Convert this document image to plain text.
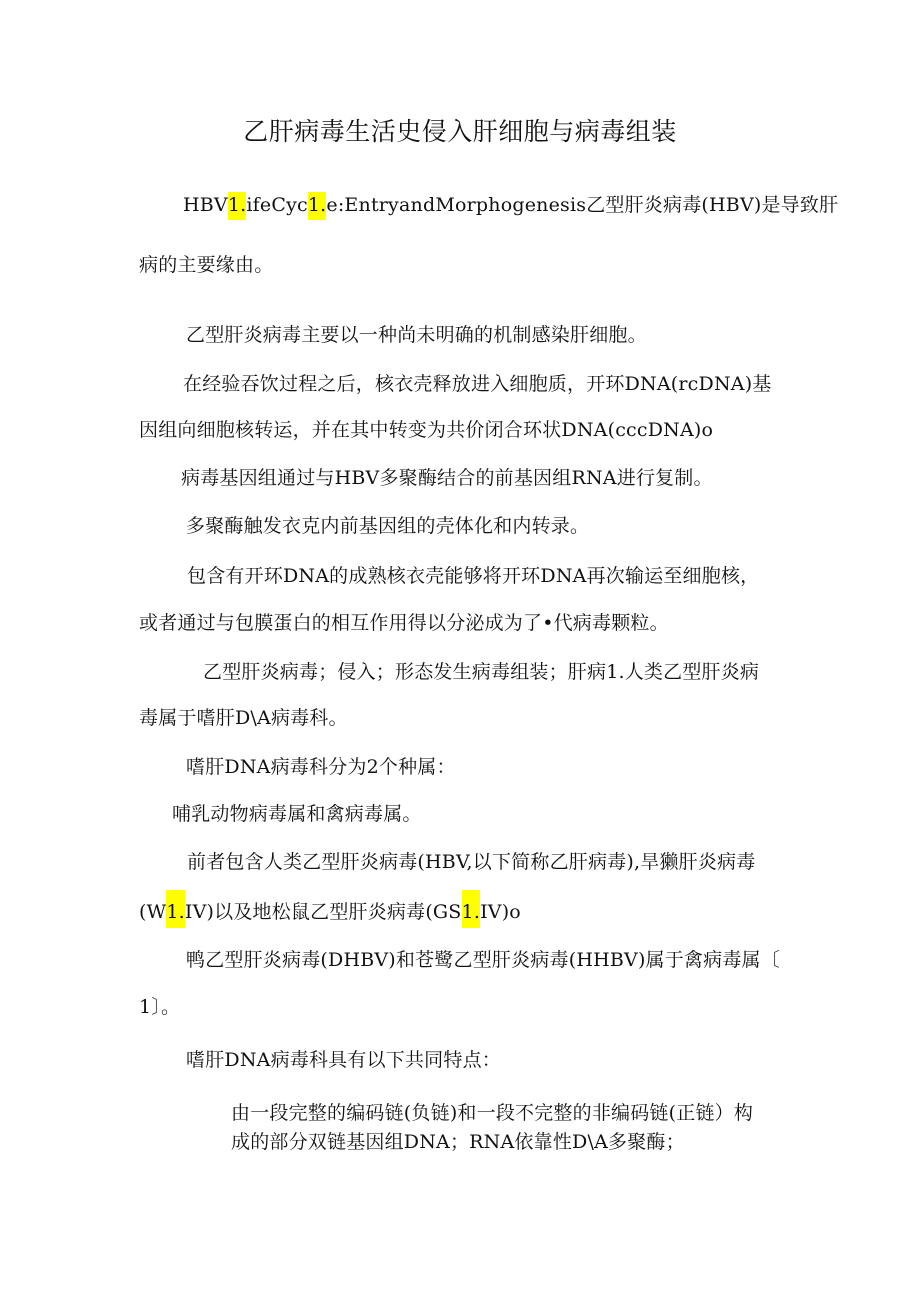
乙肝病毒生活史侵入肝细胞与病毒组装
HBV1.ifeCyc1.e:EntryandMorphogenesis乙型肝炎病毒(HBV)是导致肝
病的主要缘由。
乙型肝炎病毒主要以一种尚未明确的机制感染肝细胞。
在经验吞饮过程之后，核衣壳释放进入细胞质，开环DNA(rcDNA)基
因组向细胞核转运，并在其中转变为共价闭合环状DNA(cccDNA)o
病毒基因组通过与HBV多聚酶结合的前基因组RNA进行复制。
多聚酶触发衣克内前基因组的壳体化和内转录。
包含有开环DNA的成熟核衣壳能够将开环DNA再次输运至细胞核，
或者通过与包膜蛋白的相互作用得以分泌成为了•代病毒颗粒。
乙型肝炎病毒；侵入；形态发生病毒组装；肝病1.人类乙型肝炎病
毒属于嗜肝D\A病毒科。
嗜肝DNA病毒科分为2个种属：
哺乳动物病毒属和禽病毒属。
前者包含人类乙型肝炎病毒(HBV,以下简称乙肝病毒),旱獭肝炎病毒
(W1.IV)以及地松鼠乙型肝炎病毒(GS1.IV)o
鸭乙型肝炎病毒(DHBV)和苍鹭乙型肝炎病毒(HHBV)属于禽病毒属〔
1〕。
嗜肝DNA病毒科具有以下共同特点：
由一段完整的编码链(负链)和一段不完整的非编码链(正链）构
成的部分双链基因组DNA；RNA依靠性D\A多聚酶；
